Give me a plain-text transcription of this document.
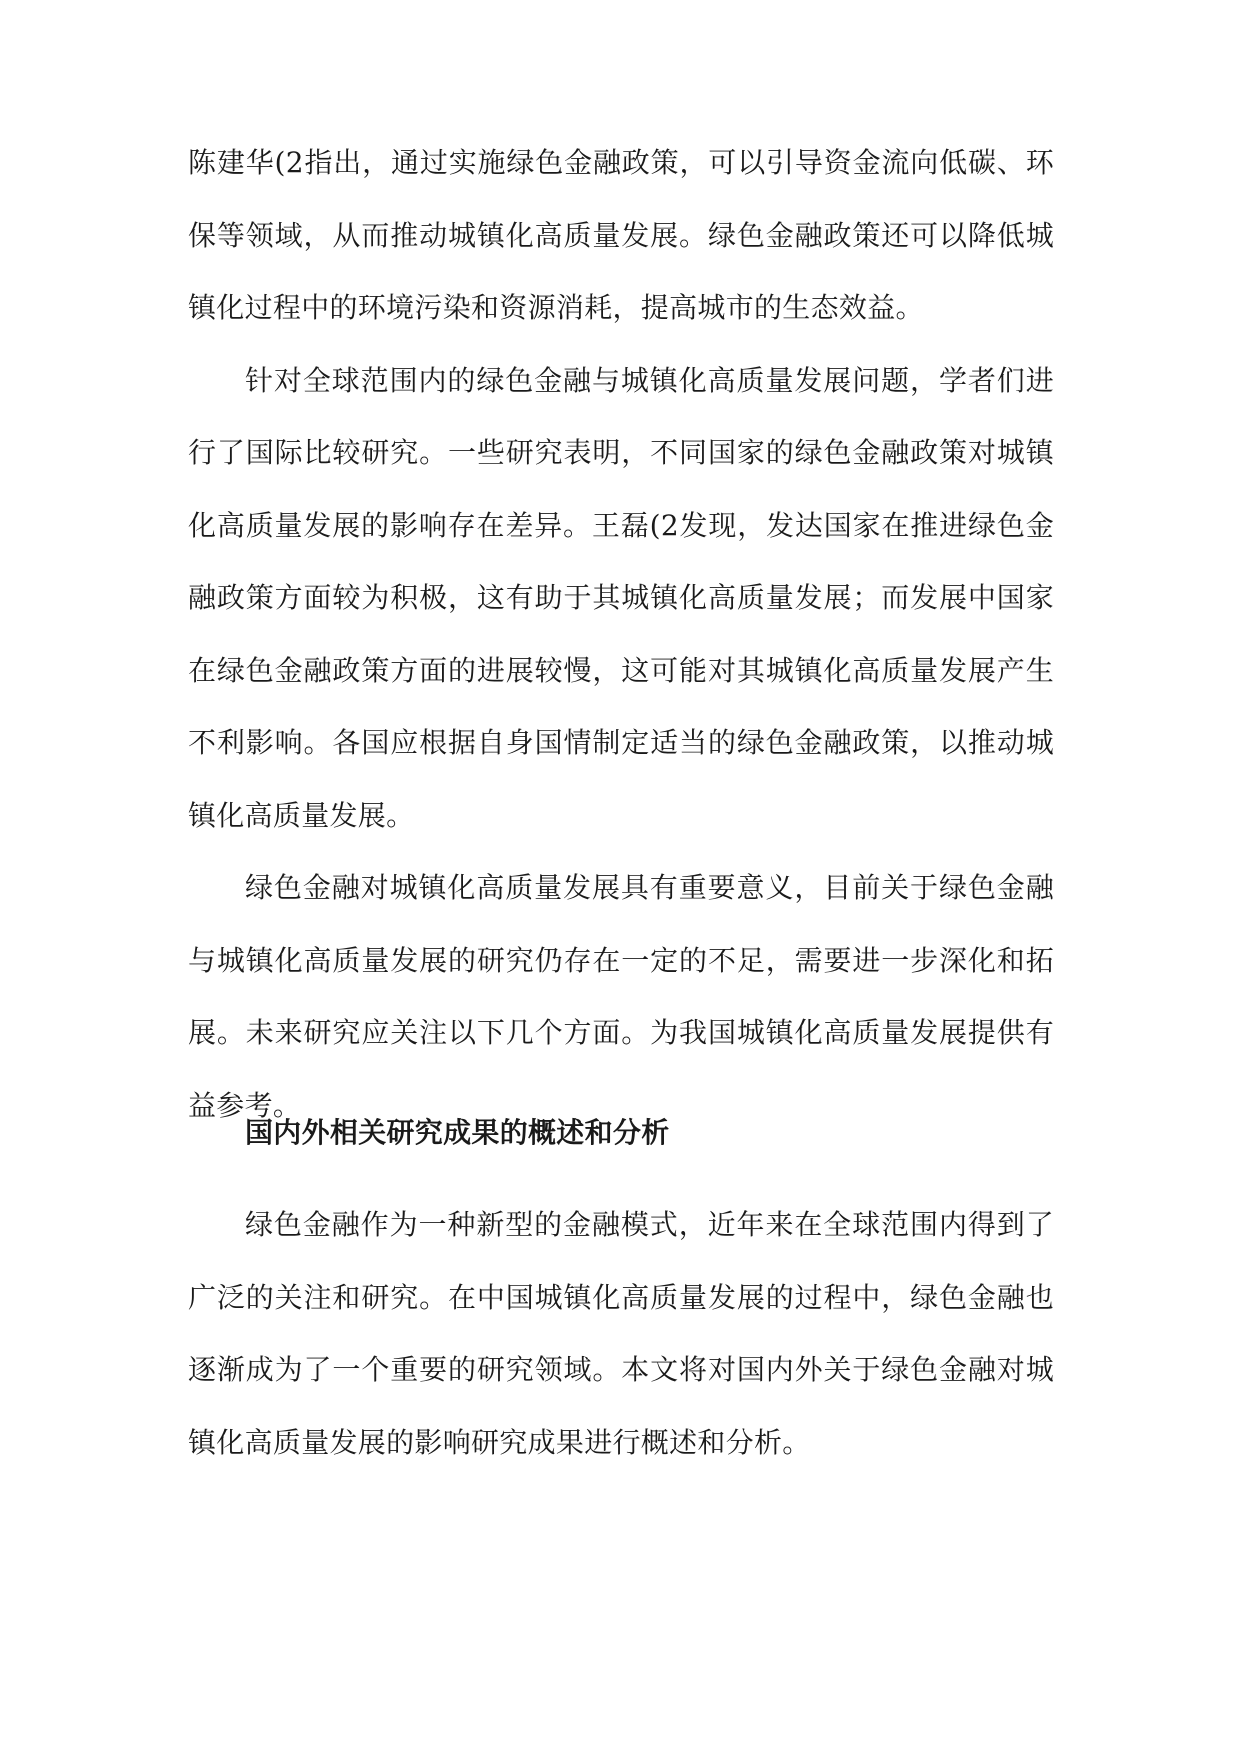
陈建华(2指出，通过实施绿色金融政策，可以引导资金流向低碳、环保等领域，从而推动城镇化高质量发展。绿色金融政策还可以降低城镇化过程中的环境污染和资源消耗，提高城市的生态效益。

针对全球范围内的绿色金融与城镇化高质量发展问题，学者们进行了国际比较研究。一些研究表明，不同国家的绿色金融政策对城镇化高质量发展的影响存在差异。王磊(2发现，发达国家在推进绿色金融政策方面较为积极，这有助于其城镇化高质量发展；而发展中国家在绿色金融政策方面的进展较慢，这可能对其城镇化高质量发展产生不利影响。各国应根据自身国情制定适当的绿色金融政策，以推动城镇化高质量发展。

绿色金融对城镇化高质量发展具有重要意义，目前关于绿色金融与城镇化高质量发展的研究仍存在一定的不足，需要进一步深化和拓展。未来研究应关注以下几个方面。为我国城镇化高质量发展提供有益参考。

国内外相关研究成果的概述和分析

绿色金融作为一种新型的金融模式，近年来在全球范围内得到了广泛的关注和研究。在中国城镇化高质量发展的过程中，绿色金融也逐渐成为了一个重要的研究领域。本文将对国内外关于绿色金融对城镇化高质量发展的影响研究成果进行概述和分析。
